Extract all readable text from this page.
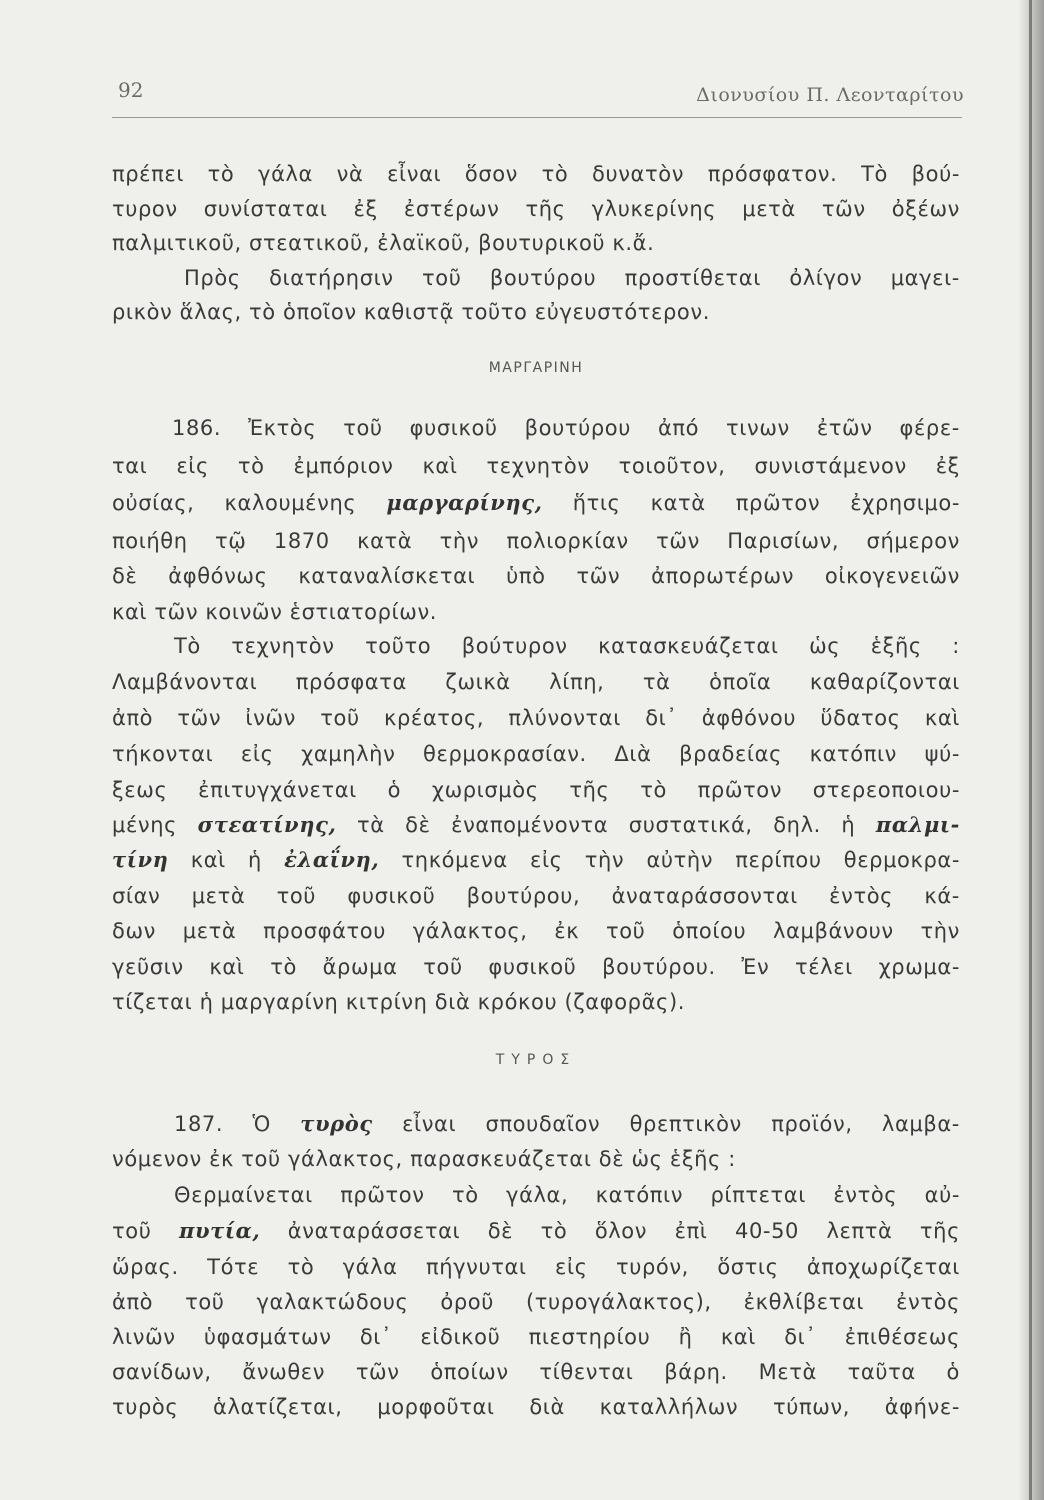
92	Διονυσίου Π. Λεονταρίτου
πρέπει τὸ γάλα νὰ εἶναι ὅσον τὸ δυνατὸν πρόσφατον. Τὸ βού-
τυρον συνίσταται ἐξ ἐστέρων τῆς γλυκερίνης μετὰ τῶν ὀξέων
παλμιτικοῦ, στεατικοῦ, ἐλαϊκοῦ, βουτυρικοῦ κ.ἄ.
Πρὸς διατήρησιν τοῦ βουτύρου προστίθεται ὀλίγον μαγει-
ρικὸν ἅλας, τὸ ὁποῖον καθιστᾷ τοῦτο εὐγευστότερον.
ΜΑΡΓΑΡΙΝΗ
186. Ἐκτὸς τοῦ φυσικοῦ βουτύρου ἀπό τινων ἐτῶν φέρε-
ται εἰς τὸ ἐμπόριον καὶ τεχνητὸν τοιοῦτον, συνιστάμενον ἐξ
οὐσίας, καλουμένης μαργαρίνης, ἥτις κατὰ πρῶτον ἐχρησιμο-
ποιήθη τῷ 1870 κατὰ τὴν πολιορκίαν τῶν Παρισίων, σήμερον
δὲ ἀφθόνως καταναλίσκεται ὑπὸ τῶν ἀπορωτέρων οἰκογενειῶν
καὶ τῶν κοινῶν ἑστιατορίων.
Τὸ τεχνητὸν τοῦτο βούτυρον κατασκευάζεται ὡς ἑξῆς :
Λαμβάνονται πρόσφατα ζωικὰ λίπη, τὰ ὁποῖα καθαρίζονται
ἀπὸ τῶν ἰνῶν τοῦ κρέατος, πλύνονται δι᾽ ἀφθόνου ὕδατος καὶ
τήκονται εἰς χαμηλὴν θερμοκρασίαν. Διὰ βραδείας κατόπιν ψύ-
ξεως ἐπιτυγχάνεται ὁ χωρισμὸς τῆς τὸ πρῶτον στερεοποιου-
μένης στεατίνης, τὰ δὲ ἐναπομένοντα συστατικά, δηλ. ἡ παλμι-
τίνη καὶ ἡ ἐλαΐνη, τηκόμενα εἰς τὴν αὐτὴν περίπου θερμοκρα-
σίαν μετὰ τοῦ φυσικοῦ βουτύρου, ἀναταράσσονται ἐντὸς κά-
δων μετὰ προσφάτου γάλακτος, ἐκ τοῦ ὁποίου λαμβάνουν τὴν
γεῦσιν καὶ τὸ ἄρωμα τοῦ φυσικοῦ βουτύρου. Ἐν τέλει χρωμα-
τίζεται ἡ μαργαρίνη κιτρίνη διὰ κρόκου (ζαφορᾶς).
ΤΥΡΟΣ
187. Ὁ τυρὸς εἶναι σπουδαῖον θρεπτικὸν προϊόν, λαμβα-
νόμενον ἐκ τοῦ γάλακτος, παρασκευάζεται δὲ ὡς ἑξῆς :
Θερμαίνεται πρῶτον τὸ γάλα, κατόπιν ρίπτεται ἐντὸς αὐ-
τοῦ πυτία, ἀναταράσσεται δὲ τὸ ὅλον ἐπὶ 40-50 λεπτὰ τῆς
ὥρας. Τότε τὸ γάλα πήγνυται εἰς τυρόν, ὅστις ἀποχωρίζεται
ἀπὸ τοῦ γαλακτώδους ὀροῦ (τυρογάλακτος), ἐκθλίβεται ἐντὸς
λινῶν ὑφασμάτων δι᾽ εἰδικοῦ πιεστηρίου ἢ καὶ δι᾽ ἐπιθέσεως
σανίδων, ἄνωθεν τῶν ὁποίων τίθενται βάρη. Μετὰ ταῦτα ὁ
τυρὸς ἁλατίζεται, μορφοῦται διὰ καταλλήλων τύπων, ἀφήνε-
